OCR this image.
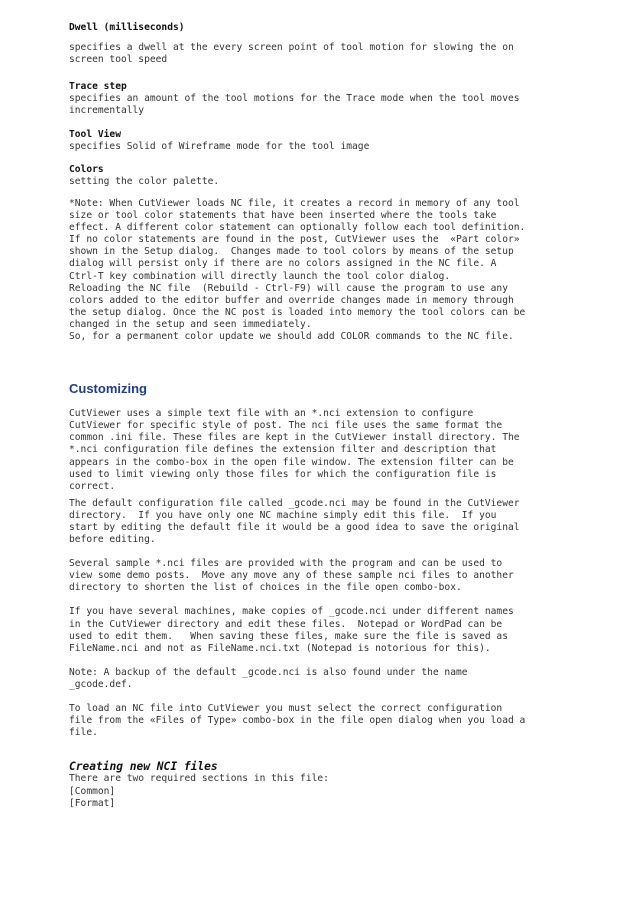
Dwell (milliseconds)

specifies a dwell at the every screen point of tool motion for slowing the on
screen tool speed

Trace step

specifies an amount of the tool motions for the Trace mode when the tool moves
incrementally

Tool View

specifies Solid of Wireframe mode for the tool image

Colors

setting the color palette.

*Note: When CutViewer loads NC file, it creates a record in memory of any tool
size or tool color statements that have been inserted where the tools take
effect. A different color statement can optionally follow each tool definition.
If no color statements are found in the post, CutViewer uses the  «Part color»
shown in the Setup dialog.  Changes made to tool colors by means of the setup
dialog will persist only if there are no colors assigned in the NC file. A
Ctrl-T key combination will directly launch the tool color dialog.
Reloading the NC file  (Rebuild - Ctrl-F9) will cause the program to use any
colors added to the editor buffer and override changes made in memory through
the setup dialog. Once the NC post is loaded into memory the tool colors can be
changed in the setup and seen immediately.
So, for a permanent color update we should add COLOR commands to the NC file.

Customizing

CutViewer uses a simple text file with an *.nci extension to configure
CutViewer for specific style of post. The nci file uses the same format the
common .ini file. These files are kept in the CutViewer install directory. The
*.nci configuration file defines the extension filter and description that
appears in the combo-box in the open file window. The extension filter can be
used to limit viewing only those files for which the configuration file is
correct.

The default configuration file called _gcode.nci may be found in the CutViewer
directory.  If you have only one NC machine simply edit this file.  If you
start by editing the default file it would be a good idea to save the original
before editing.

Several sample *.nci files are provided with the program and can be used to
view some demo posts.  Move any move any of these sample nci files to another
directory to shorten the list of choices in the file open combo-box.

If you have several machines, make copies of _gcode.nci under different names
in the CutViewer directory and edit these files.  Notepad or WordPad can be
used to edit them.   When saving these files, make sure the file is saved as
FileName.nci and not as FileName.nci.txt (Notepad is notorious for this).

Note: A backup of the default _gcode.nci is also found under the name
_gcode.def.

To load an NC file into CutViewer you must select the correct configuration
file from the «Files of Type» combo-box in the file open dialog when you load a
file.

Creating new NCI files

There are two required sections in this file:
[Common]
[Format]
